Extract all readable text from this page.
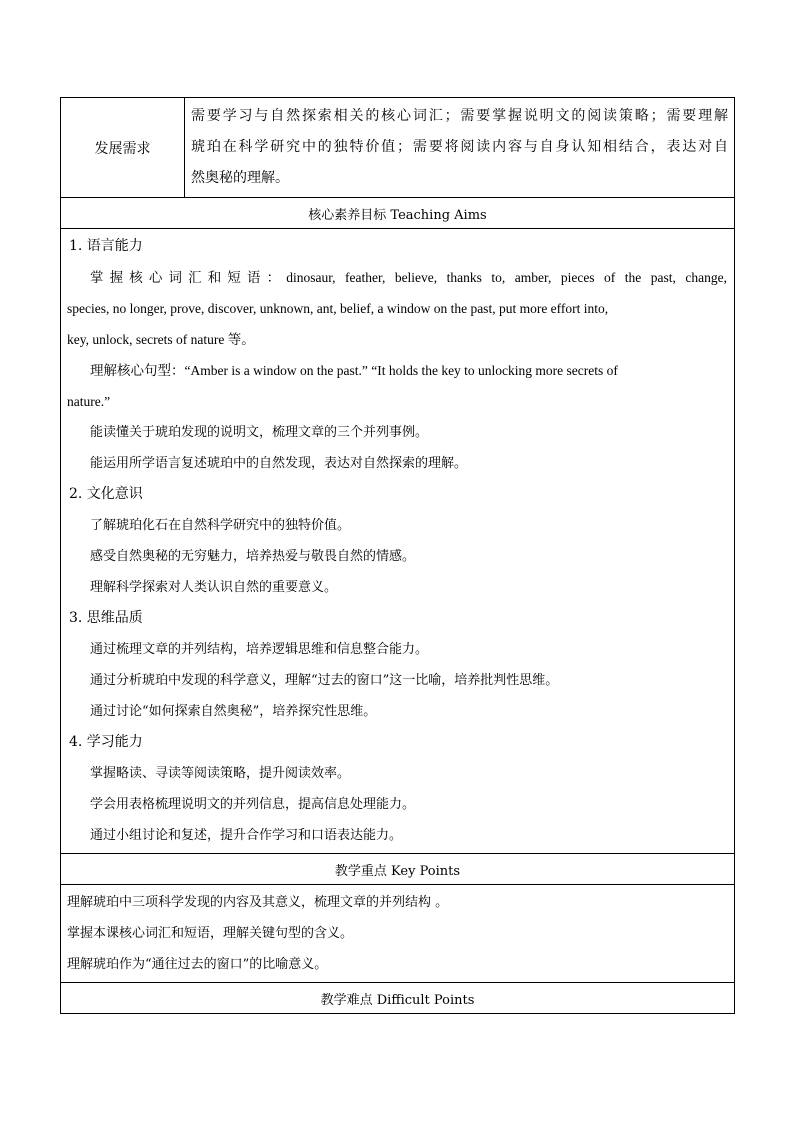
发展需求	
需要学习与自然探索相关的核心词汇；需要掌握说明文的阅读策略；需要理解
琥珀在科学研究中的独特价值；需要将阅读内容与自身认知相结合，表达对自
然奥秘的理解。

核心素养目标 Teaching Aims

1. 语言能力
掌握核心词汇和短语：dinosaur, feather, believe, thanks to, amber, pieces of the past, change,
species, no longer, prove, discover, unknown, ant, belief, a window on the past, put more effort into,
key, unlock, secrets of nature 等。
理解核心句型：“Amber is a window on the past.” “It holds the key to unlocking more secrets of
nature.”
能读懂关于琥珀发现的说明文，梳理文章的三个并列事例。
能运用所学语言复述琥珀中的自然发现，表达对自然探索的理解。
2. 文化意识
了解琥珀化石在自然科学研究中的独特价值。
感受自然奥秘的无穷魅力，培养热爱与敬畏自然的情感。
理解科学探索对人类认识自然的重要意义。
3. 思维品质
通过梳理文章的并列结构，培养逻辑思维和信息整合能力。
通过分析琥珀中发现的科学意义，理解“过去的窗口”这一比喻，培养批判性思维。
通过讨论“如何探索自然奥秘”，培养探究性思维。
4. 学习能力
掌握略读、寻读等阅读策略，提升阅读效率。
学会用表格梳理说明文的并列信息，提高信息处理能力。
通过小组讨论和复述，提升合作学习和口语表达能力。

教学重点 Key Points

理解琥珀中三项科学发现的内容及其意义，梳理文章的并列结构 。
掌握本课核心词汇和短语，理解关键句型的含义。
理解琥珀作为“通往过去的窗口”的比喻意义。

教学难点 Difficult Points
